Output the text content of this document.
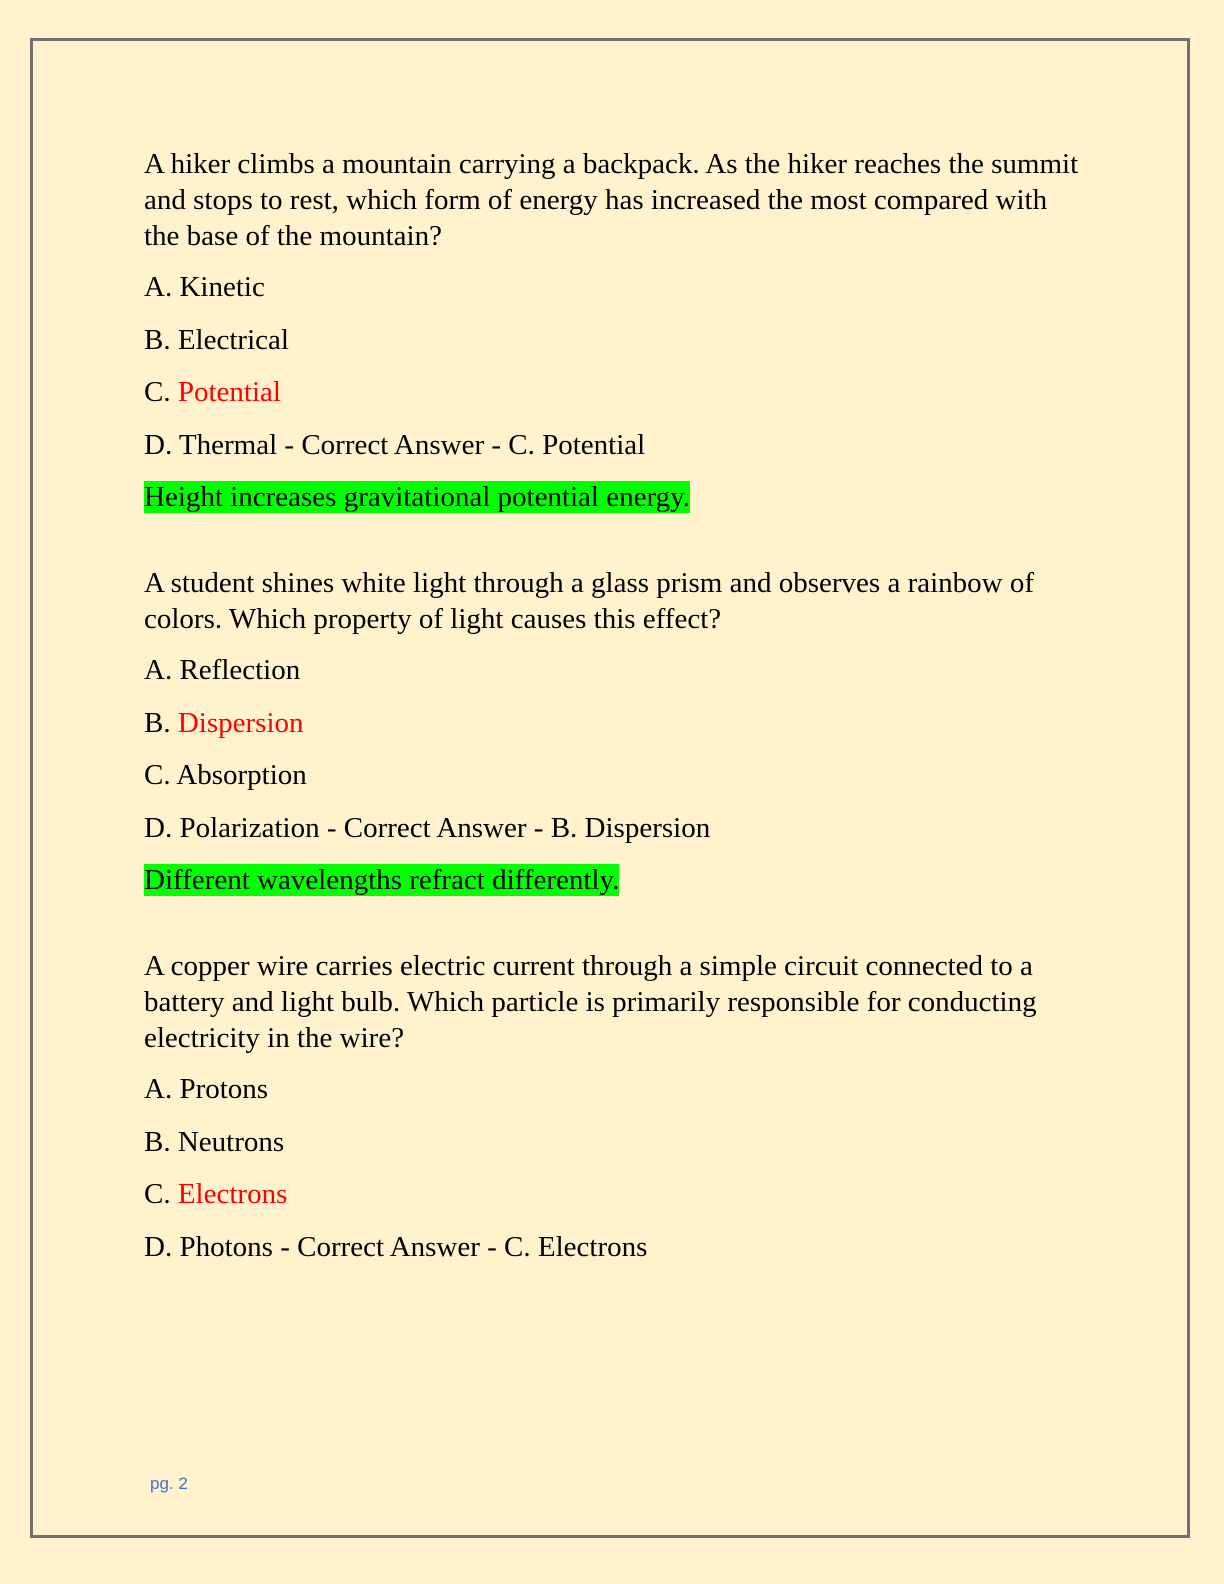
A hiker climbs a mountain carrying a backpack. As the hiker reaches the summit and stops to rest, which form of energy has increased the most compared with the base of the mountain?

A. Kinetic

B. Electrical

C. Potential

D. Thermal - Correct Answer - C. Potential

Height increases gravitational potential energy.

A student shines white light through a glass prism and observes a rainbow of colors. Which property of light causes this effect?

A. Reflection

B. Dispersion

C. Absorption

D. Polarization - Correct Answer - B. Dispersion

Different wavelengths refract differently.

A copper wire carries electric current through a simple circuit connected to a battery and light bulb. Which particle is primarily responsible for conducting electricity in the wire?

A. Protons

B. Neutrons

C. Electrons

D. Photons - Correct Answer - C. Electrons

pg. 2
